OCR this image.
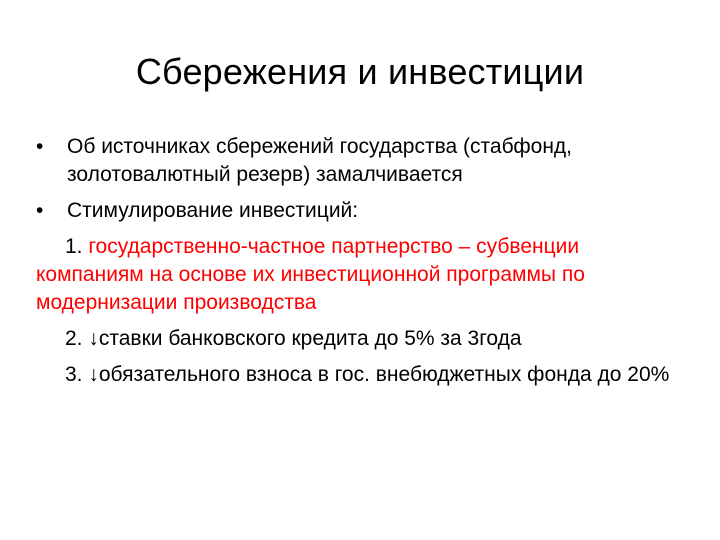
Сбережения и инвестиции
•	Об источниках сбережений государства (стабфонд, золотовалютный резерв) замалчивается
•	Стимулирование инвестиций:
1. государственно-частное партнерство – субвенции компаниям на основе их инвестиционной программы по модернизации производства
2. ↓ставки банковского кредита до 5% за 3года
3. ↓обязательного взноса в гос. внебюджетных фонда до 20%
